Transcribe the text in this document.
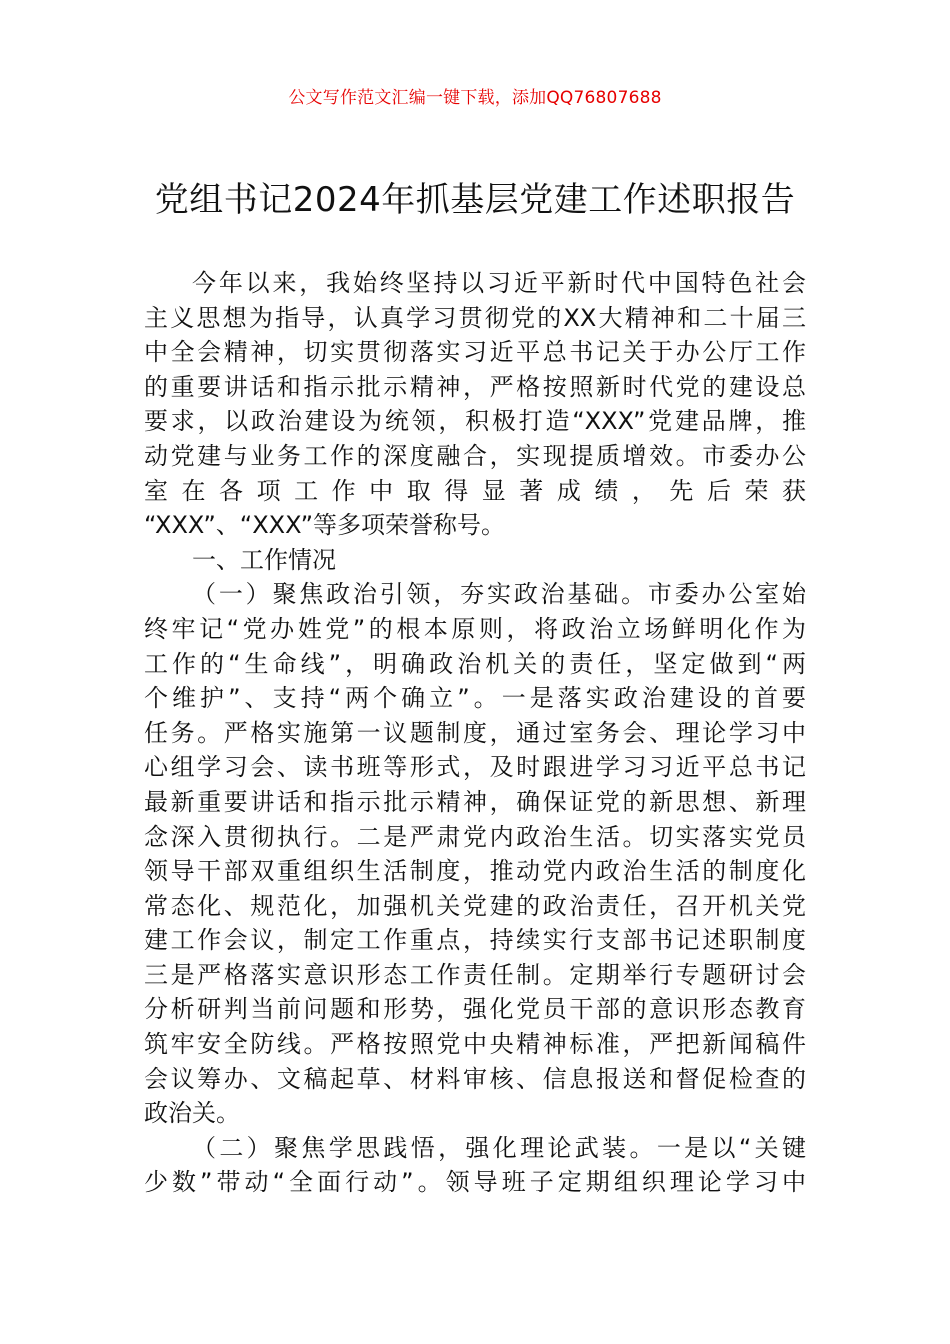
公文写作范文汇编一键下载，添加QQ76807688
党组书记2024年抓基层党建工作述职报告
今年以来，我始终坚持以习近平新时代中国特色社会
主义思想为指导，认真学习贯彻党的XX大精神和二十届三
中全会精神，切实贯彻落实习近平总书记关于办公厅工作
的重要讲话和指示批示精神，严格按照新时代党的建设总
要求，以政治建设为统领，积极打造“XXX”党建品牌，推
动党建与业务工作的深度融合，实现提质增效。市委办公
室在各项工作中取得显著成绩，先后荣获
“XXX”、“XXX”等多项荣誉称号。
一、工作情况
（一）聚焦政治引领，夯实政治基础。市委办公室始
终牢记“党办姓党”的根本原则，将政治立场鲜明化作为
工作的“生命线”，明确政治机关的责任，坚定做到“两
个维护”、支持“两个确立”。一是落实政治建设的首要
任务。严格实施第一议题制度，通过室务会、理论学习中
心组学习会、读书班等形式，及时跟进学习习近平总书记
最新重要讲话和指示批示精神，确保证党的新思想、新理
念深入贯彻执行。二是严肃党内政治生活。切实落实党员
领导干部双重组织生活制度，推动党内政治生活的制度化
常态化、规范化，加强机关党建的政治责任，召开机关党
建工作会议，制定工作重点，持续实行支部书记述职制度
三是严格落实意识形态工作责任制。定期举行专题研讨会
分析研判当前问题和形势，强化党员干部的意识形态教育
筑牢安全防线。严格按照党中央精神标准，严把新闻稿件
会议筹办、文稿起草、材料审核、信息报送和督促检查的
政治关。
（二）聚焦学思践悟，强化理论武装。一是以“关键
少数”带动“全面行动”。领导班子定期组织理论学习中
